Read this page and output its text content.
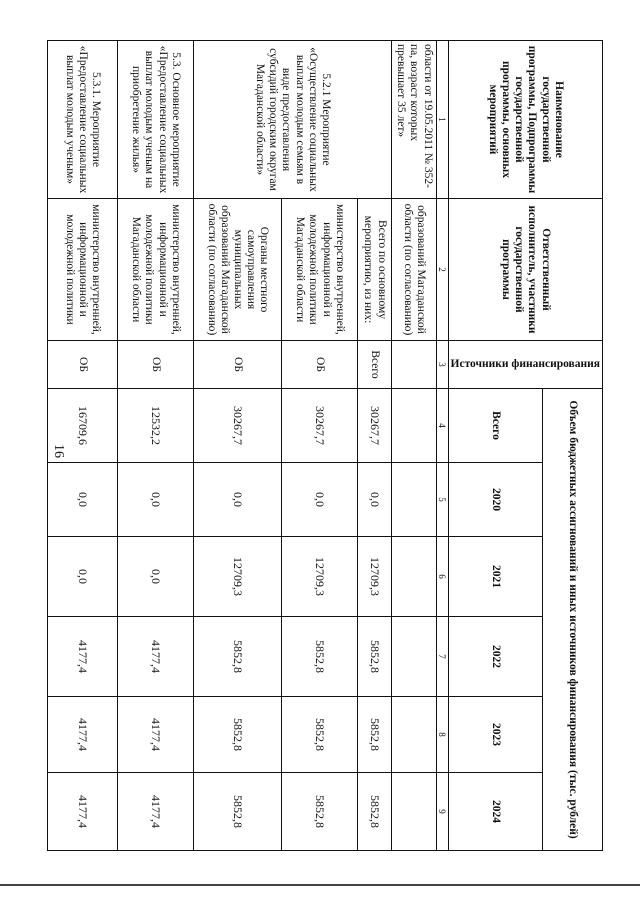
16
Наименование государственной программы, Подпрограммы государственной программы, основных мероприятий	Ответственный исполнитель, участники государственной программы	Источники финансирования	Объем бюджетных ассигнований и иных источников финансирования (тыс. рублей)					
			Всего	2020	2021	2022	2023	2024
1	2	3	4	5	6	7	8	9
области от 19.05.2011 № 352-па, возраст которых превышает 35 лет»	образований Магаданской области (по согласованию)							
5.2.1 Мероприятие «Осуществление социальных выплат молодым семьям в виде предоставления субсидий городским округам Магаданской области»	Всего по основному мероприятию, из них:	Всего	30267,7	0,0	12709,3	5852,8	5852,8	5852,8
	министерство внутренней, информационной и молодежной политики Магаданской области	ОБ	30267,7	0,0	12709,3	5852,8	5852,8	5852,8
	Органы местного самоуправления муниципальных образований Магаданской области (по согласованию)	ОБ	30267,7	0,0	12709,3	5852,8	5852,8	5852,8
5.3. Основное мероприятие «Предоставление социальных выплат молодым ученым на приобретение жилья»	министерство внутренней, информационной и молодежной политики Магаданской области	ОБ	12532,2	0,0	0,0	4177,4	4177,4	4177,4
5.3.1. Мероприятие «Предоставление социальных выплат молодым ученым»	министерство внутренней, информационной и молодежной политики	ОБ	16709,6	0,0	0,0	4177,4	4177,4	4177,4
